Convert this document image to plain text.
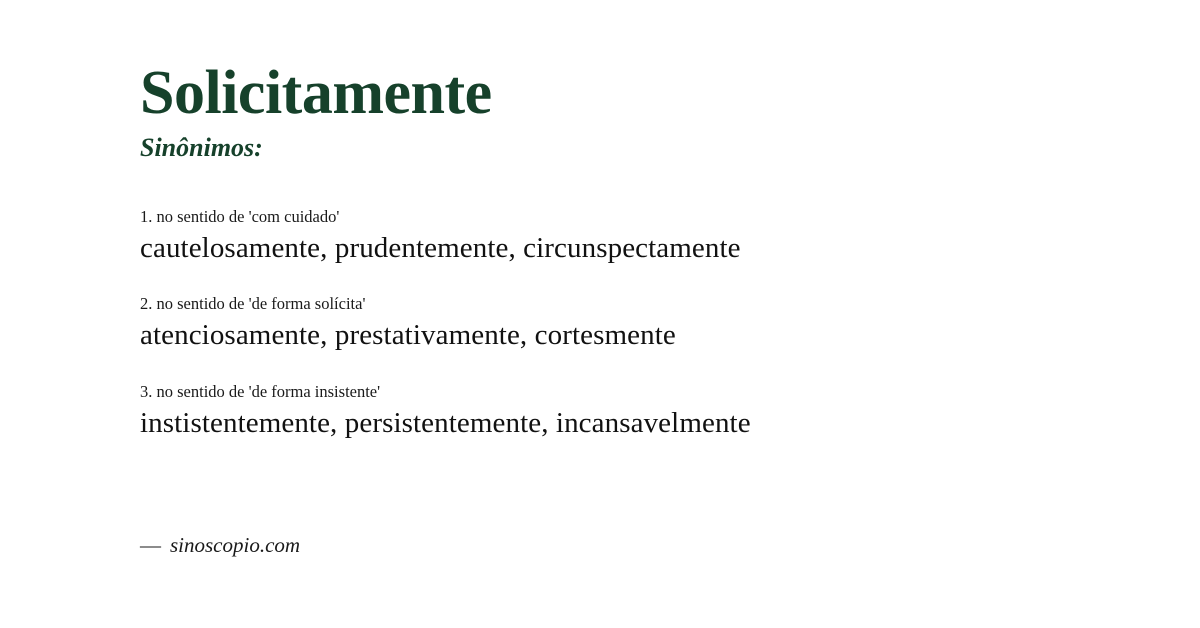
Solicitamente
Sinônimos:
1. no sentido de 'com cuidado'
cautelosamente, prudentemente, circunspectamente
2. no sentido de 'de forma solícita'
atenciosamente, prestativamente, cortesmente
3. no sentido de 'de forma insistente'
instistentemente, persistentemente, incansavelmente
— sinoscopio.com
